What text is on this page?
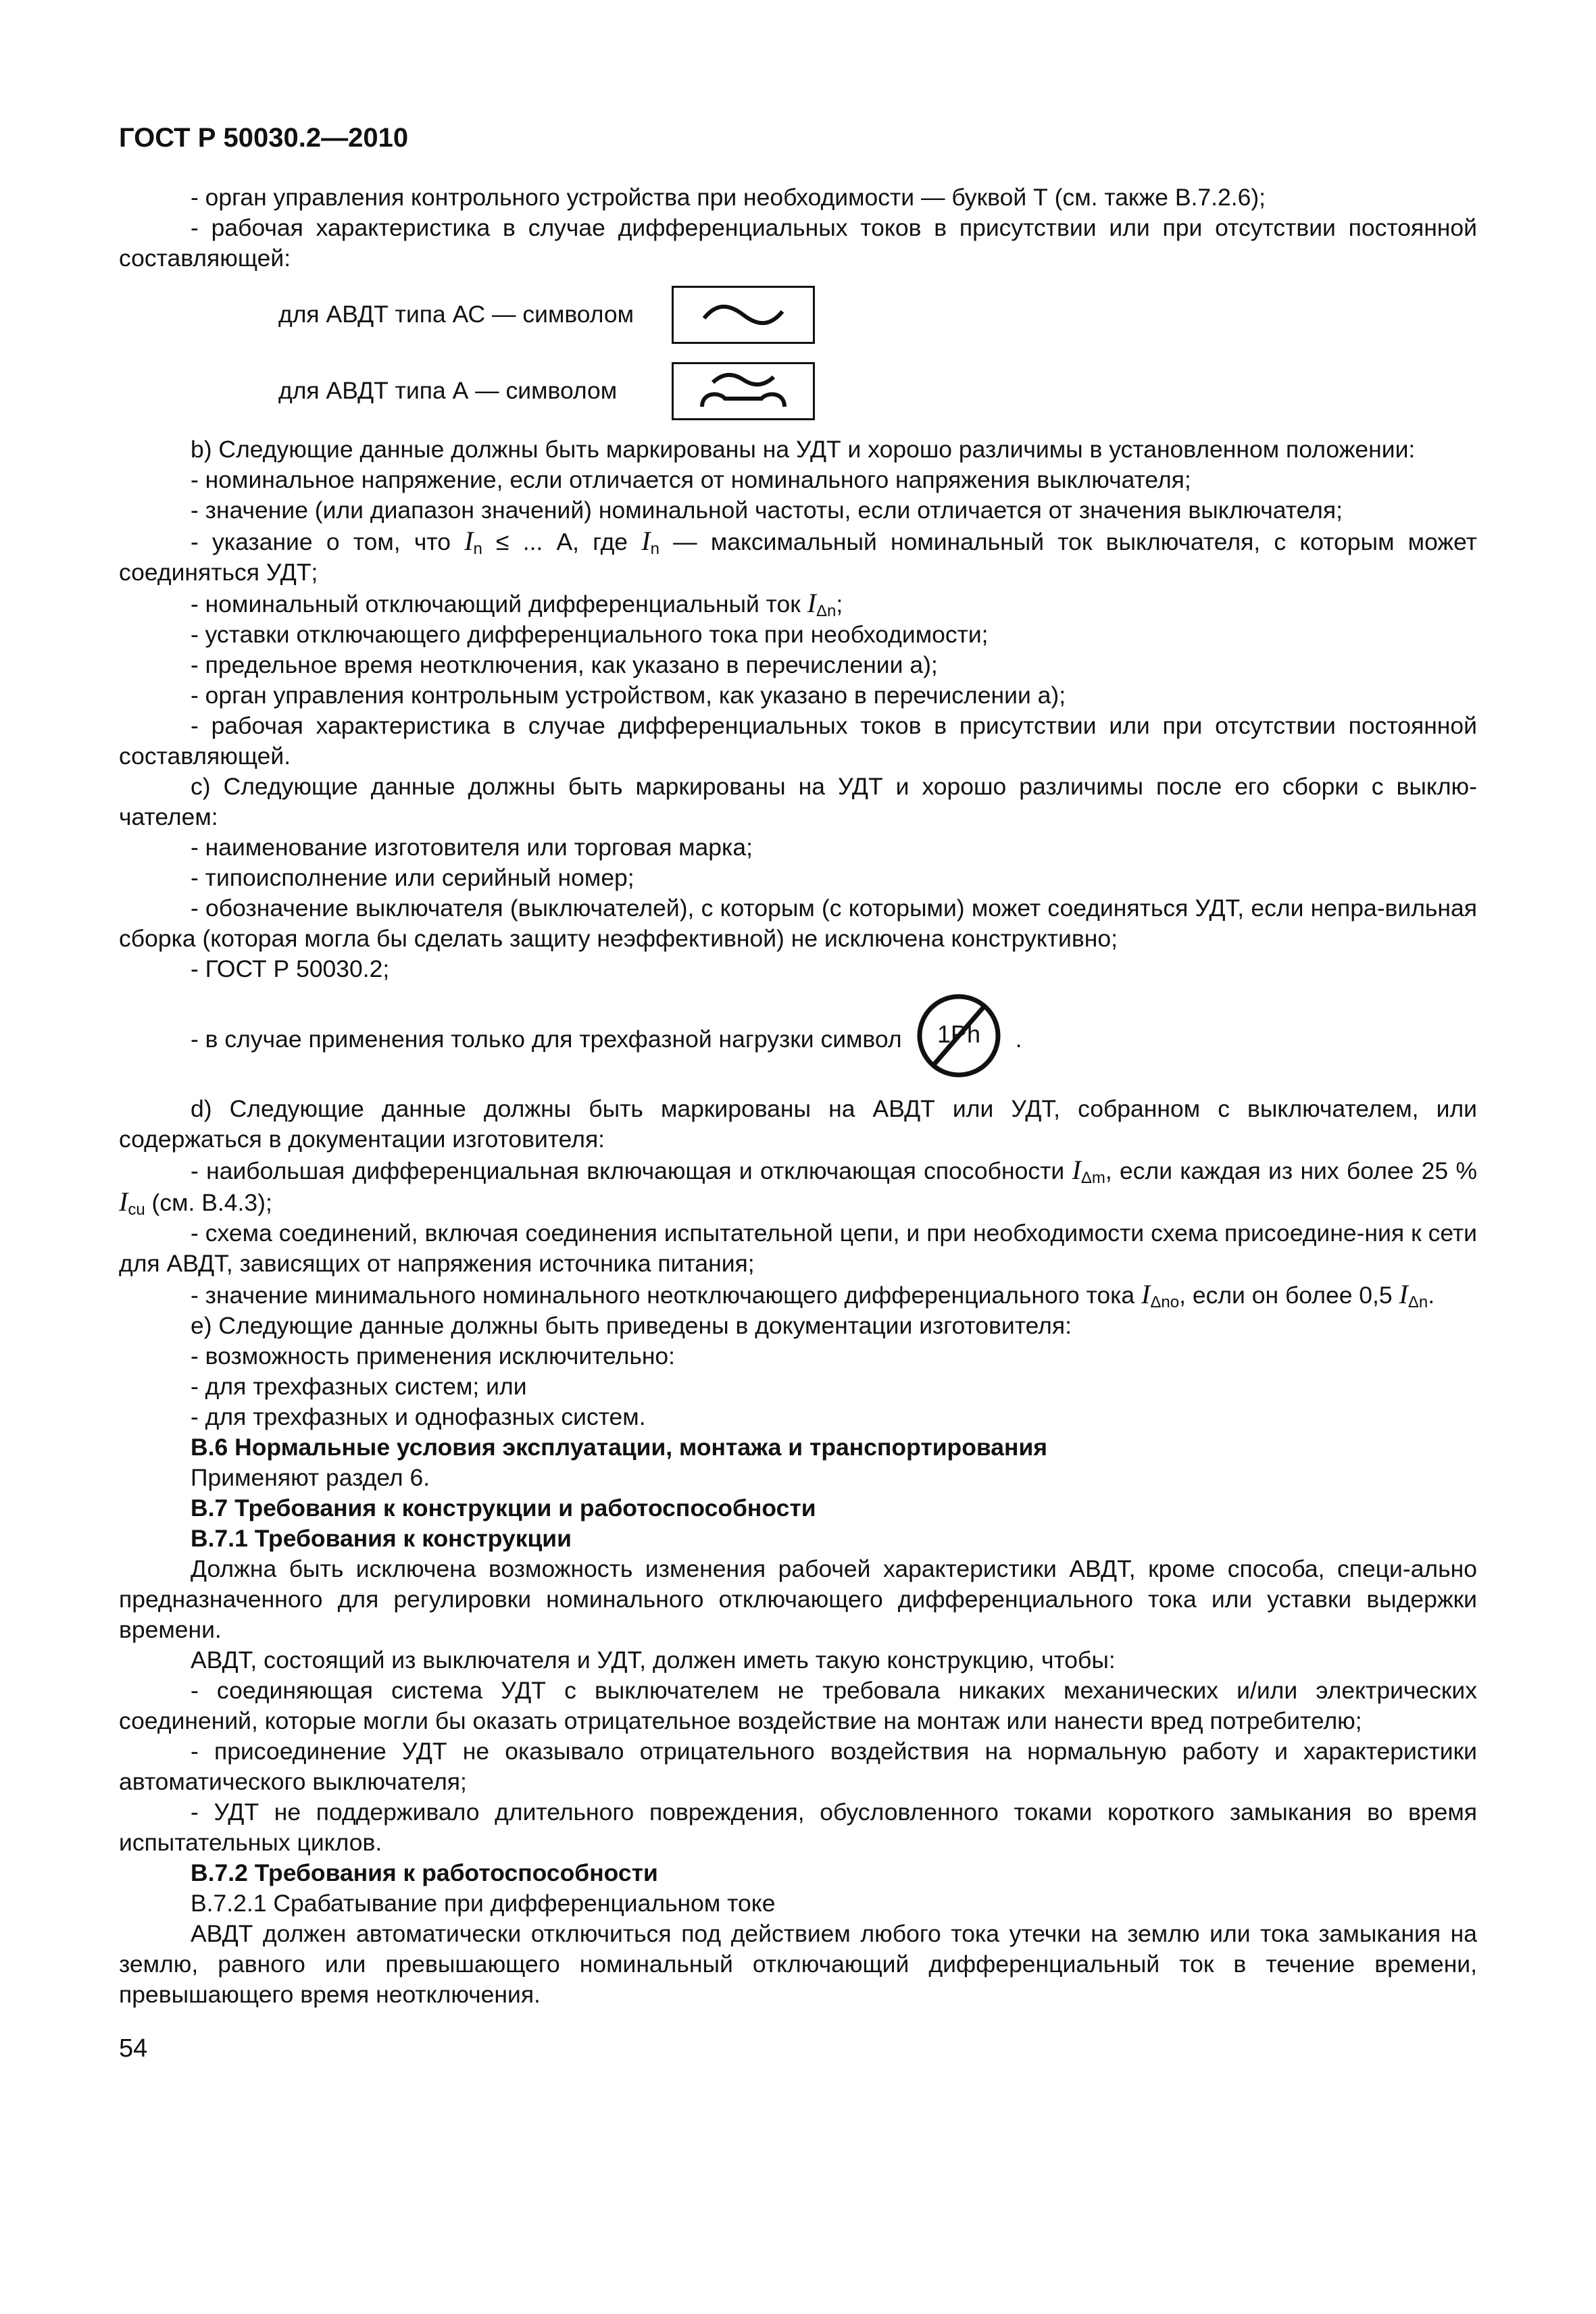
ГОСТ Р 50030.2—2010
- орган управления контрольного устройства при необходимости — буквой Т (см. также В.7.2.6);
- рабочая характеристика в случае дифференциальных токов в присутствии или при отсутствии постоянной составляющей:
для АВДТ типа АС — символом
для АВДТ типа А — символом
b) Следующие данные должны быть маркированы на УДТ и хорошо различимы в установленном положении:
- номинальное напряжение, если отличается от номинального напряжения выключателя;
- значение (или диапазон значений) номинальной частоты, если отличается от значения выключателя;
- указание о том, что $I_n$ ≤ ... А, где $I_n$ — максимальный номинальный ток выключателя, с которым может соединяться УДТ;
- номинальный отключающий дифференциальный ток $I_{\Delta n}$;
- уставки отключающего дифференциального тока при необходимости;
- предельное время неотключения, как указано в перечислении а);
- орган управления контрольным устройством, как указано в перечислении а);
- рабочая характеристика в случае дифференциальных токов в присутствии или при отсутствии постоянной составляющей.
с) Следующие данные должны быть маркированы на УДТ и хорошо различимы после его сборки с выклю-чателем:
- наименование изготовителя или торговая марка;
- типоисполнение или серийный номер;
- обозначение выключателя (выключателей), с которым (с которыми) может соединяться УДТ, если непра-вильная сборка (которая могла бы сделать защиту неэффективной) не исключена конструктивно;
- ГОСТ Р 50030.2;
- в случае применения только для трехфазной нагрузки символ 1Ph .
d) Следующие данные должны быть маркированы на АВДТ или УДТ, собранном с выключателем, или содержаться в документации изготовителя:
- наибольшая дифференциальная включающая и отключающая способности $I_{\Delta m}$, если каждая из них более 25 % $I_{cu}$ (см. В.4.3);
- схема соединений, включая соединения испытательной цепи, и при необходимости схема присоедине-ния к сети для АВДТ, зависящих от напряжения источника питания;
- значение минимального номинального неотключающего дифференциального тока $I_{\Delta no}$, если он более 0,5 $I_{\Delta n}$.
е) Следующие данные должны быть приведены в документации изготовителя:
- возможность применения исключительно:
- для трехфазных систем; или
- для трехфазных и однофазных систем.
В.6 Нормальные условия эксплуатации, монтажа и транспортирования
Применяют раздел 6.
В.7 Требования к конструкции и работоспособности
В.7.1 Требования к конструкции
Должна быть исключена возможность изменения рабочей характеристики АВДТ, кроме способа, специ-ально предназначенного для регулировки номинального отключающего дифференциального тока или уставки выдержки времени.
АВДТ, состоящий из выключателя и УДТ, должен иметь такую конструкцию, чтобы:
- соединяющая система УДТ с выключателем не требовала никаких механических и/или электрических соединений, которые могли бы оказать отрицательное воздействие на монтаж или нанести вред потребителю;
- присоединение УДТ не оказывало отрицательного воздействия на нормальную работу и характеристики автоматического выключателя;
- УДТ не поддерживало длительного повреждения, обусловленного токами короткого замыкания во время испытательных циклов.
В.7.2 Требования к работоспособности
В.7.2.1 Срабатывание при дифференциальном токе
АВДТ должен автоматически отключиться под действием любого тока утечки на землю или тока замыкания на землю, равного или превышающего номинальный отключающий дифференциальный ток в течение времени, превышающего время неотключения.
54
